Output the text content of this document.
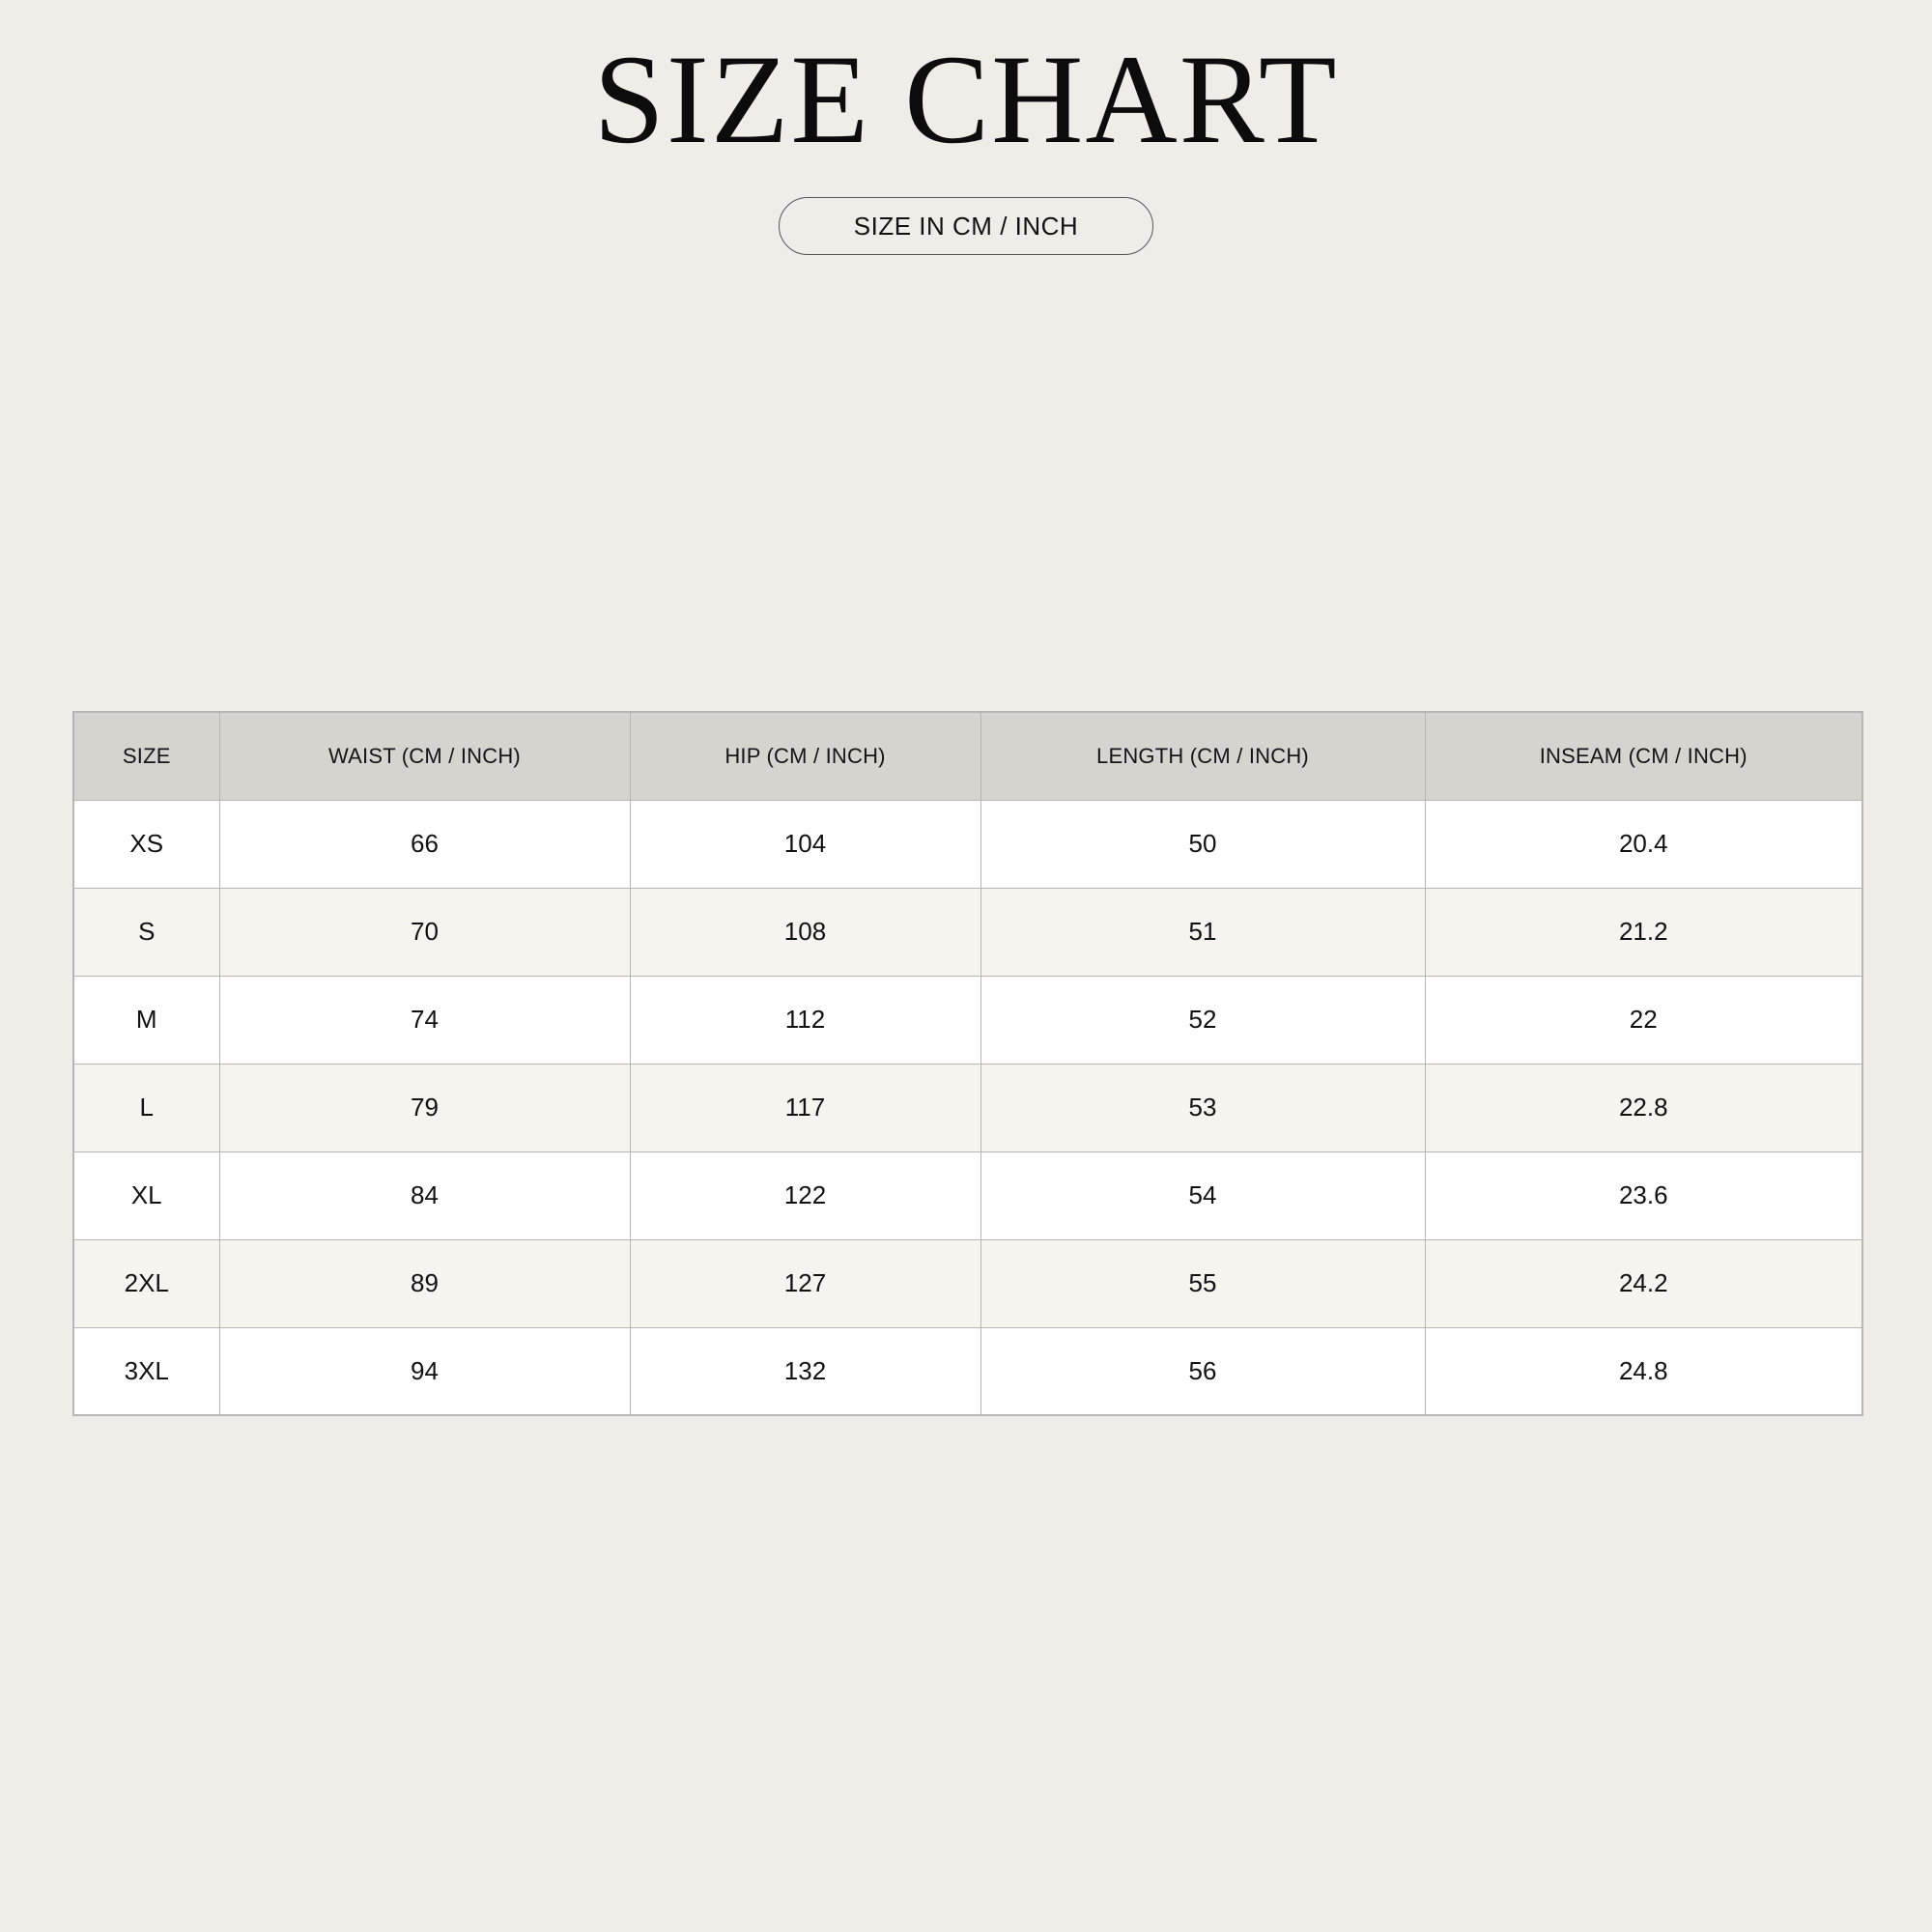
SIZE CHART
SIZE IN CM / INCH
SIZE	WAIST (CM / INCH)	HIP (CM / INCH)	LENGTH (CM / INCH)	INSEAM (CM / INCH)
XS	66	104	50	20.4
S	70	108	51	21.2
M	74	112	52	22
L	79	117	53	22.8
XL	84	122	54	23.6
2XL	89	127	55	24.2
3XL	94	132	56	24.8
